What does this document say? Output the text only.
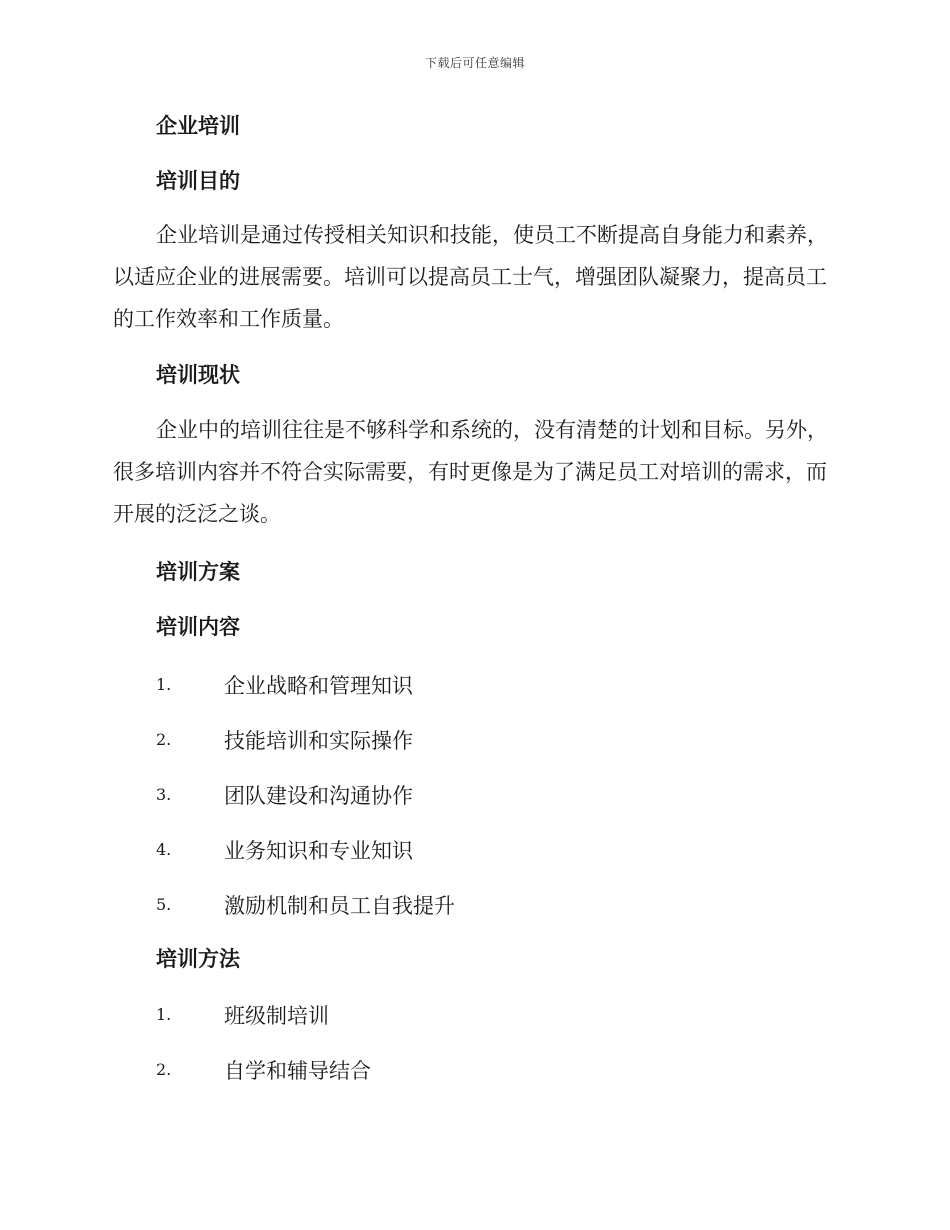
下载后可任意编辑
企业培训
培训目的

企业培训是通过传授相关知识和技能，使员工不断提高自身能力和素养，以适应企业的进展需要。培训可以提高员工士气，增强团队凝聚力，提高员工的工作效率和工作质量。

培训现状

企业中的培训往往是不够科学和系统的，没有清楚的计划和目标。另外，很多培训内容并不符合实际需要，有时更像是为了满足员工对培训的需求，而开展的泛泛之谈。

培训方案
培训内容
1.	企业战略和管理知识
2.	技能培训和实际操作
3.	团队建设和沟通协作
4.	业务知识和专业知识
5.	激励机制和员工自我提升
培训方法
1.	班级制培训
2.	自学和辅导结合
